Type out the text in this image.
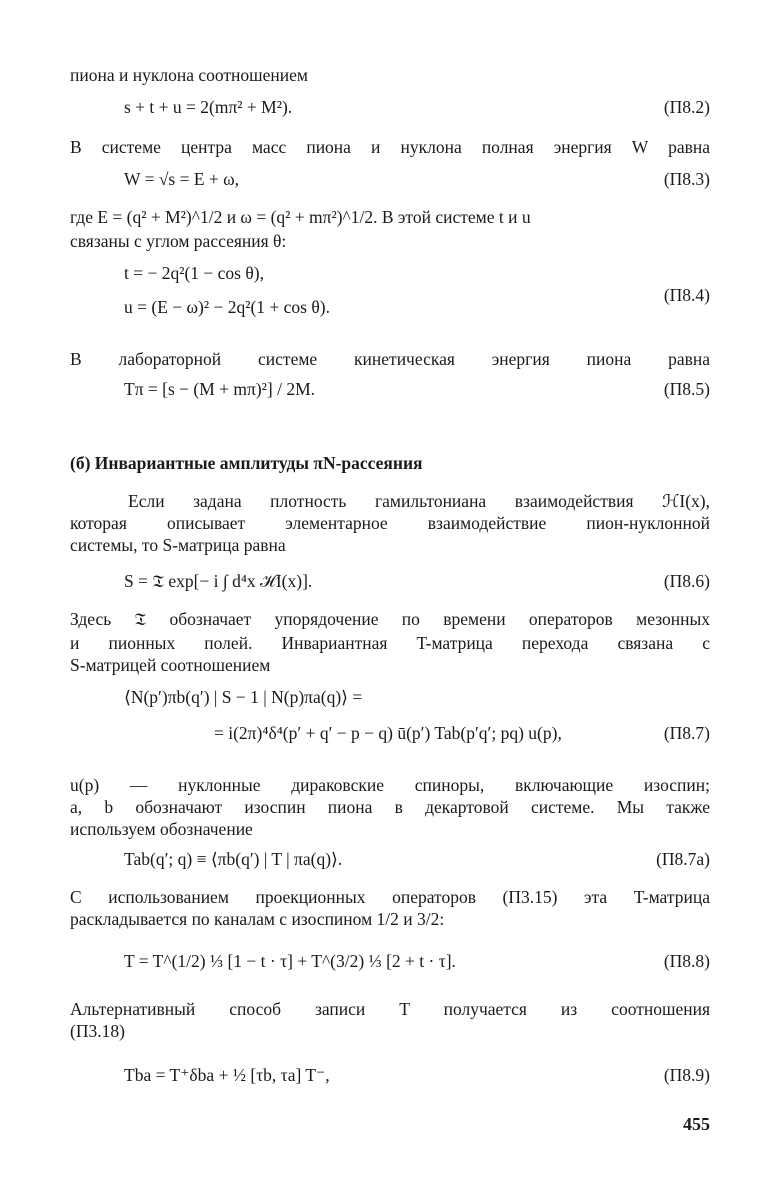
пиона и нуклона соотношением
s + t + u = 2(mπ² + M²).	(П8.2)
В системе центра масс пиона и нуклона полная энергия W равна
W = √s = E + ω,	(П8.3)
где E = (q² + M²)^1/2 и ω = (q² + mπ²)^1/2. В этой системе t и u
связаны с углом рассеяния θ:
t = − 2q²(1 − cos θ),
u = (E − ω)² − 2q²(1 + cos θ).
(П8.4)
В лабораторной системе кинетическая энергия пиона равна
Tπ = [s − (M + mπ)²] / 2M.	(П8.5)
(б) Инвариантные амплитуды πN-рассеяния
Если задана плотность гамильтониана взаимодействия ℋI(x),
которая описывает элементарное взаимодействие пион-нуклонной
системы, то S-матрица равна
S = 𝔗 exp[− i ∫ d⁴x ℋI(x)].	(П8.6)
Здесь 𝔗 обозначает упорядочение по времени операторов мезонных
и пионных полей. Инвариантная T-матрица перехода связана с
S-матрицей соотношением
⟨N(p′)πb(q′) | S − 1 | N(p)πa(q)⟩ =
= i(2π)⁴δ⁴(p′ + q′ − p − q) ū(p′) Tab(p′q′; pq) u(p),	(П8.7)
u(p) — нуклонные дираковские спиноры, включающие изоспин;
a, b обозначают изоспин пиона в декартовой системе. Мы также
используем обозначение
Tab(q′; q) ≡ ⟨πb(q′) | T | πa(q)⟩.	(П8.7a)
С использованием проекционных операторов (П3.15) эта T-матрица
раскладывается по каналам с изоспином 1/2 и 3/2:
T = T^(1/2) ⅓ [1 − t · τ] + T^(3/2) ⅓ [2 + t · τ].	(П8.8)
Альтернативный способ записи T получается из соотношения
(П3.18)
Tba = T⁺δba + ½ [τb, τa] T⁻,	(П8.9)
455
